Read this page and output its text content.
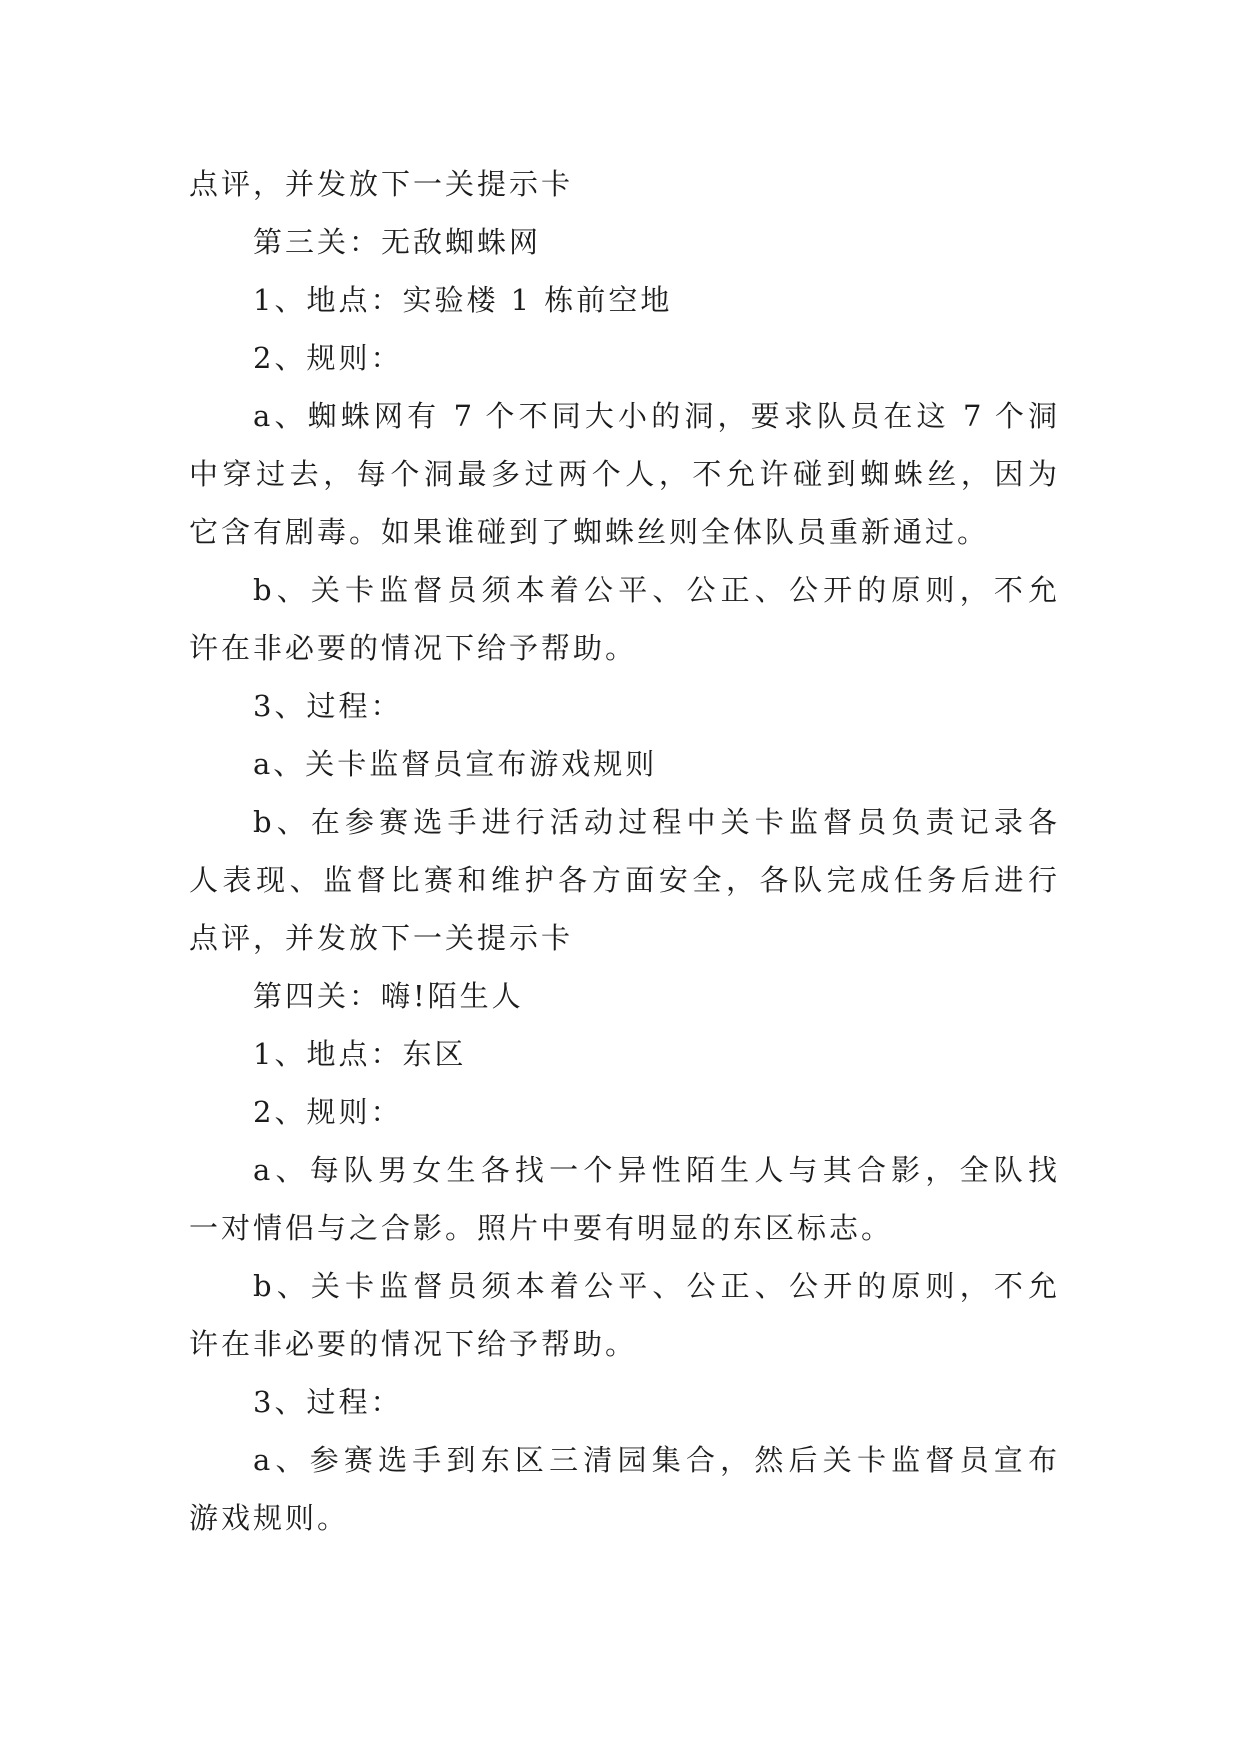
点评，并发放下一关提示卡
第三关：无敌蜘蛛网
1、地点：实验楼 1 栋前空地
2、规则：
a、蜘蛛网有 7 个不同大小的洞，要求队员在这 7 个洞
中穿过去，每个洞最多过两个人，不允许碰到蜘蛛丝，因为
它含有剧毒。如果谁碰到了蜘蛛丝则全体队员重新通过。
b、关卡监督员须本着公平、公正、公开的原则，不允
许在非必要的情况下给予帮助。
3、过程：
a、关卡监督员宣布游戏规则
b、在参赛选手进行活动过程中关卡监督员负责记录各
人表现、监督比赛和维护各方面安全，各队完成任务后进行
点评，并发放下一关提示卡
第四关：嗨!陌生人
1、地点：东区
2、规则：
a、每队男女生各找一个异性陌生人与其合影，全队找
一对情侣与之合影。照片中要有明显的东区标志。
b、关卡监督员须本着公平、公正、公开的原则，不允
许在非必要的情况下给予帮助。
3、过程：
a、参赛选手到东区三清园集合，然后关卡监督员宣布
游戏规则。
